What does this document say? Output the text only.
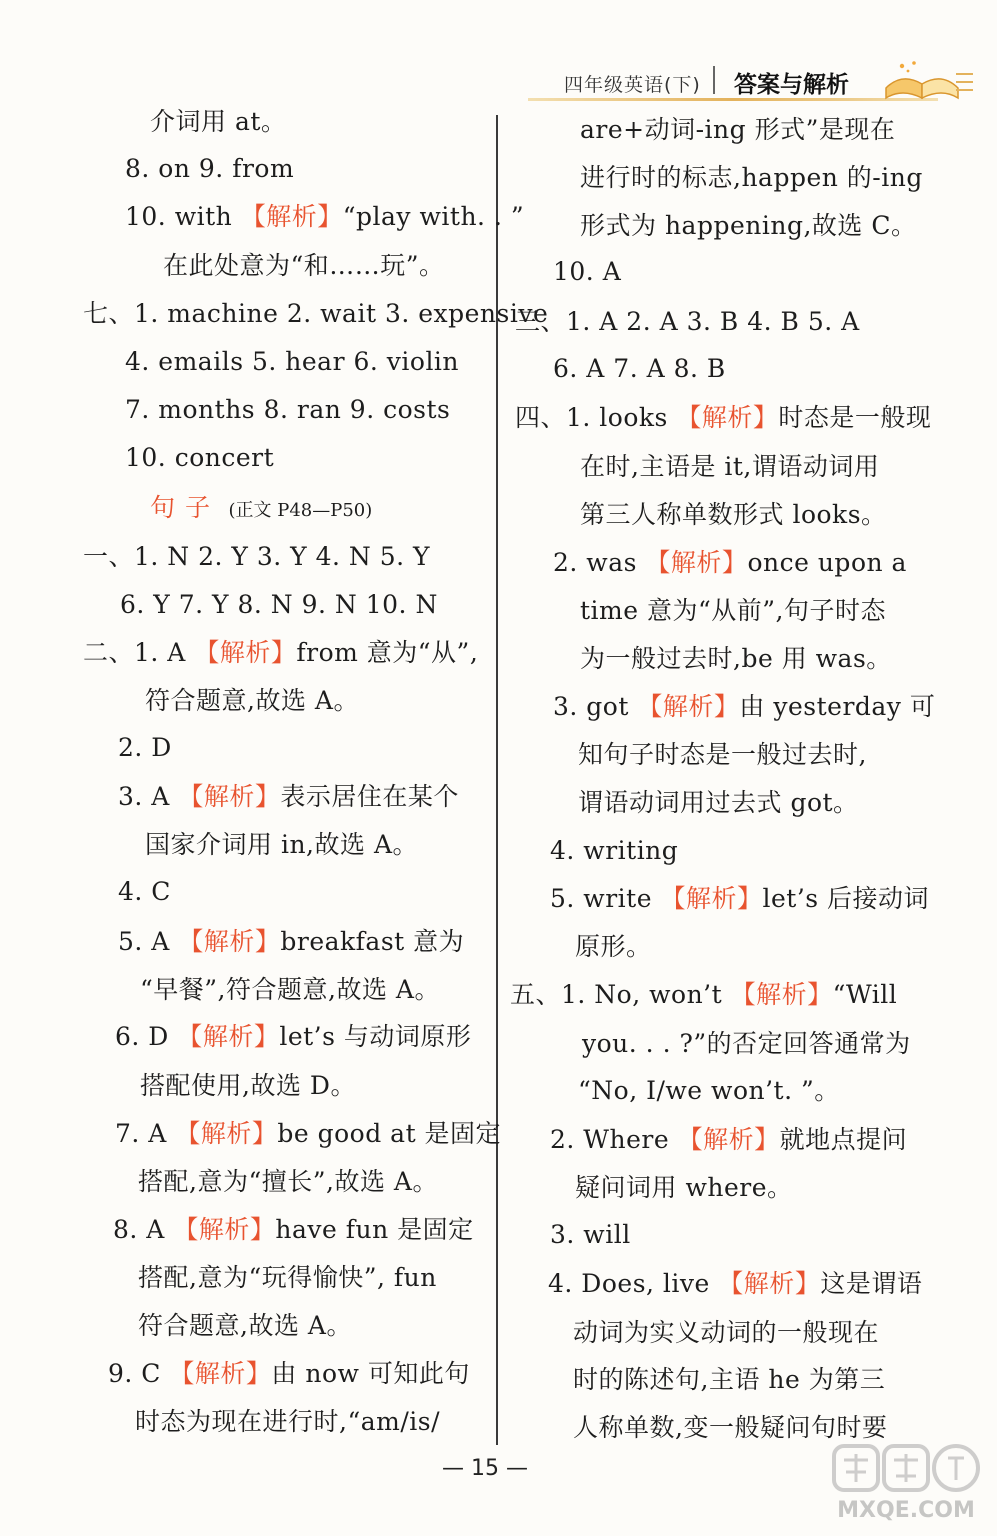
四年级英语(下) 答案与解析
介词用 at。
8. on 9. from
10. with 【 解析 】 “play with. . ”
在此处意为“和……玩”。
七、1. machine 2. wait 3. expensive
4. emails 5. hear 6. violin
7. months 8. ran 9. costs
10. concert
句子 (正文 P48—P50)
一、1. N 2. Y 3. Y 4. N 5. Y
6. Y 7. Y 8. N 9. N 10. N
二、1. A 【 解析 】 from 意为“从”,
符合题意,故选 A。
2. D
3. A 【 解析 】 表示居住在某个
国家介词用 in,故选 A。
4. C
5. A 【 解析 】 breakfast 意为
“早餐”,符合题意,故选 A。
6. D 【 解析 】 let’s 与动词原形
搭配使用,故选 D。
7. A 【 解析 】 be good at 是固定
搭配,意为“擅长”,故选 A。
8. A 【 解析 】 have fun 是固定
搭配,意为“玩得愉快”, fun
符合题意,故选 A。
9. C 【 解析 】 由 now 可知此句
时态为现在进行时,“am/is/
are+动词-ing 形式”是现在
进行时的标志,happen 的-ing
形式为 happening,故选 C。
10. A
三、1. A 2. A 3. B 4. B 5. A
6. A 7. A 8. B
四、1. looks 【 解析 】 时态是一般现
在时,主语是 it,谓语动词用
第三人称单数形式 looks。
2. was 【 解析 】 once upon a
time 意为“从前”,句子时态
为一般过去时,be 用 was。
3. got 【 解析 】 由 yesterday 可
知句子时态是一般过去时,
谓语动词用过去式 got。
4. writing
5. write 【 解析 】 let’s 后接动词
原形。
五、1. No, won’t 【 解析 】 “Will
you. . . ?”的否定回答通常为
“No, I/we won’t. ”。
2. Where 【 解析 】 就地点提问
疑问词用 where。
3. will
4. Does, live 【 解析 】 这是谓语
动词为实义动词的一般现在
时的陈述句,主语 he 为第三
人称单数,变一般疑问句时要
— 15 —
MXQE.COM
